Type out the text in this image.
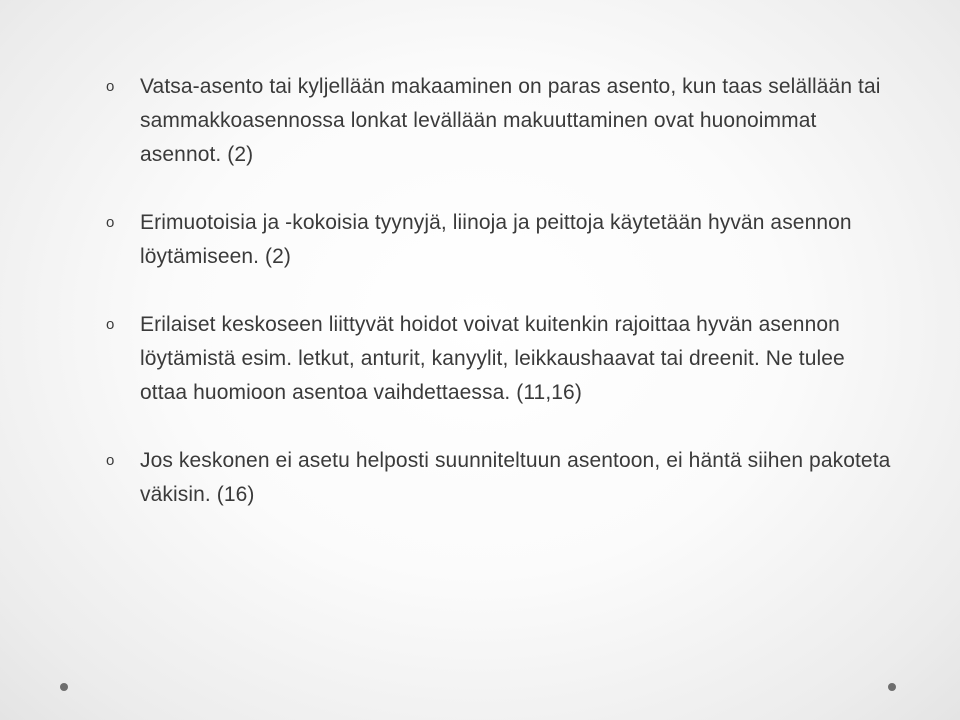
o Vatsa-asento tai kyljellään makaaminen on paras asento, kun taas selällään tai sammakkoasennossa lonkat levällään makuuttaminen ovat huonoimmat asennot. (2)
o Erimuotoisia ja -kokoisia tyynyjä, liinoja ja peittoja käytetään hyvän asennon löytämiseen. (2)
o Erilaiset keskoseen liittyvät hoidot voivat kuitenkin rajoittaa hyvän asennon löytämistä esim. letkut, anturit, kanyylit, leikkaushaavat tai dreenit. Ne tulee ottaa huomioon asentoa vaihdettaessa. (11,16)
o Jos keskonen ei asetu helposti suunniteltuun asentoon, ei häntä siihen pakoteta väkisin. (16)
